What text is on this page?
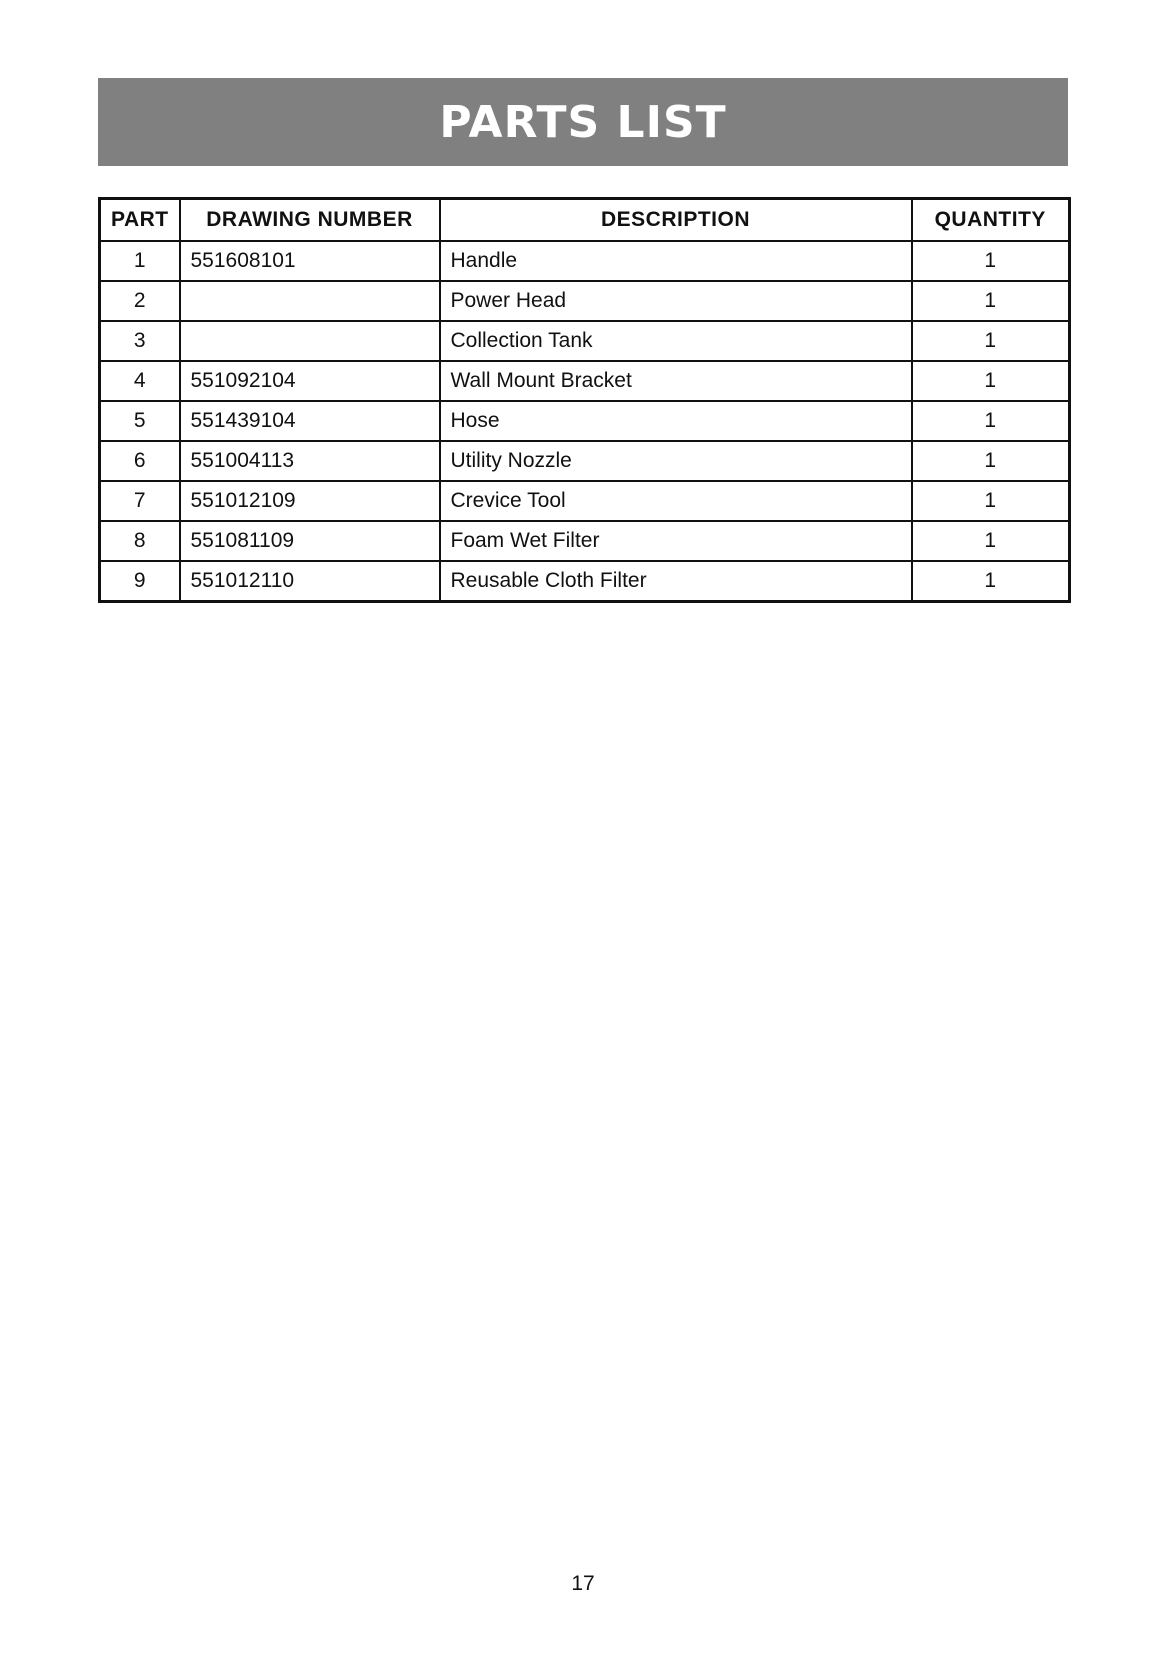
PARTS LIST
PART	DRAWING NUMBER	DESCRIPTION	QUANTITY
1	551608101	Handle	1
2		Power Head	1
3		Collection Tank	1
4	551092104	Wall Mount Bracket	1
5	551439104	Hose	1
6	551004113	Utility Nozzle	1
7	551012109	Crevice Tool	1
8	551081109	Foam Wet Filter	1
9	551012110	Reusable Cloth Filter	1
17
